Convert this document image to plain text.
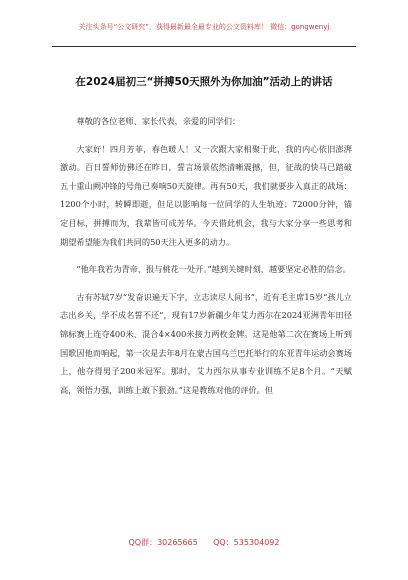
关注头条号“公文研究”，获得最新最全最专业的公文资料库！ 微信：gongwenyj
在2024届初三“拼搏50天照外为你加油”活动上的讲话

尊敬的各位老师、家长代表，亲爱的同学们：

大家好！四月芳菲，春色暖人！又一次跟大家相聚于此，我的内心依旧澎湃激动。百日誓师仿佛还在昨日，誓言场景依然清晰震撼，但，征战的快马已踏破五十重山阙冲锋的号角已奏响50天旋律。再有50天，我们就要步入真正的战场：1200个小时，转瞬即逝，但足以影响每一位同学的人生轨迹；72000分钟，锚定目标，拼搏而为，我辈皆可成芳华。今天借此机会，我与大家分享一些思考和期望希望能为我们共同的50天注入更多的动力。

“他年我若为青帝，报与桃花一处开。”越到关键时刻，越要坚定必胜的信念。

古有苏轼7岁“发奋识遍天下字，立志读尽人间书”，近有毛主席15岁“孩儿立志出乡关，学不成名誓不还”，现有17岁新疆少年艾力西尔在2024亚洲青年田径锦标赛上连夺400米、混合4×400米接力两枚金牌。这是他第二次在赛场上听到国歌因他而响起，第一次是去年8月在蒙古国乌兰巴托举行的东亚青年运动会赛场上，他夺得男子200米冠军。那时，艾力西尔从事专业训练不足8个月。“天赋高，领悟力强，训练上敢下狠劲。”这是教练对他的评价。但

QQ群：30265665 QQ：535304092
